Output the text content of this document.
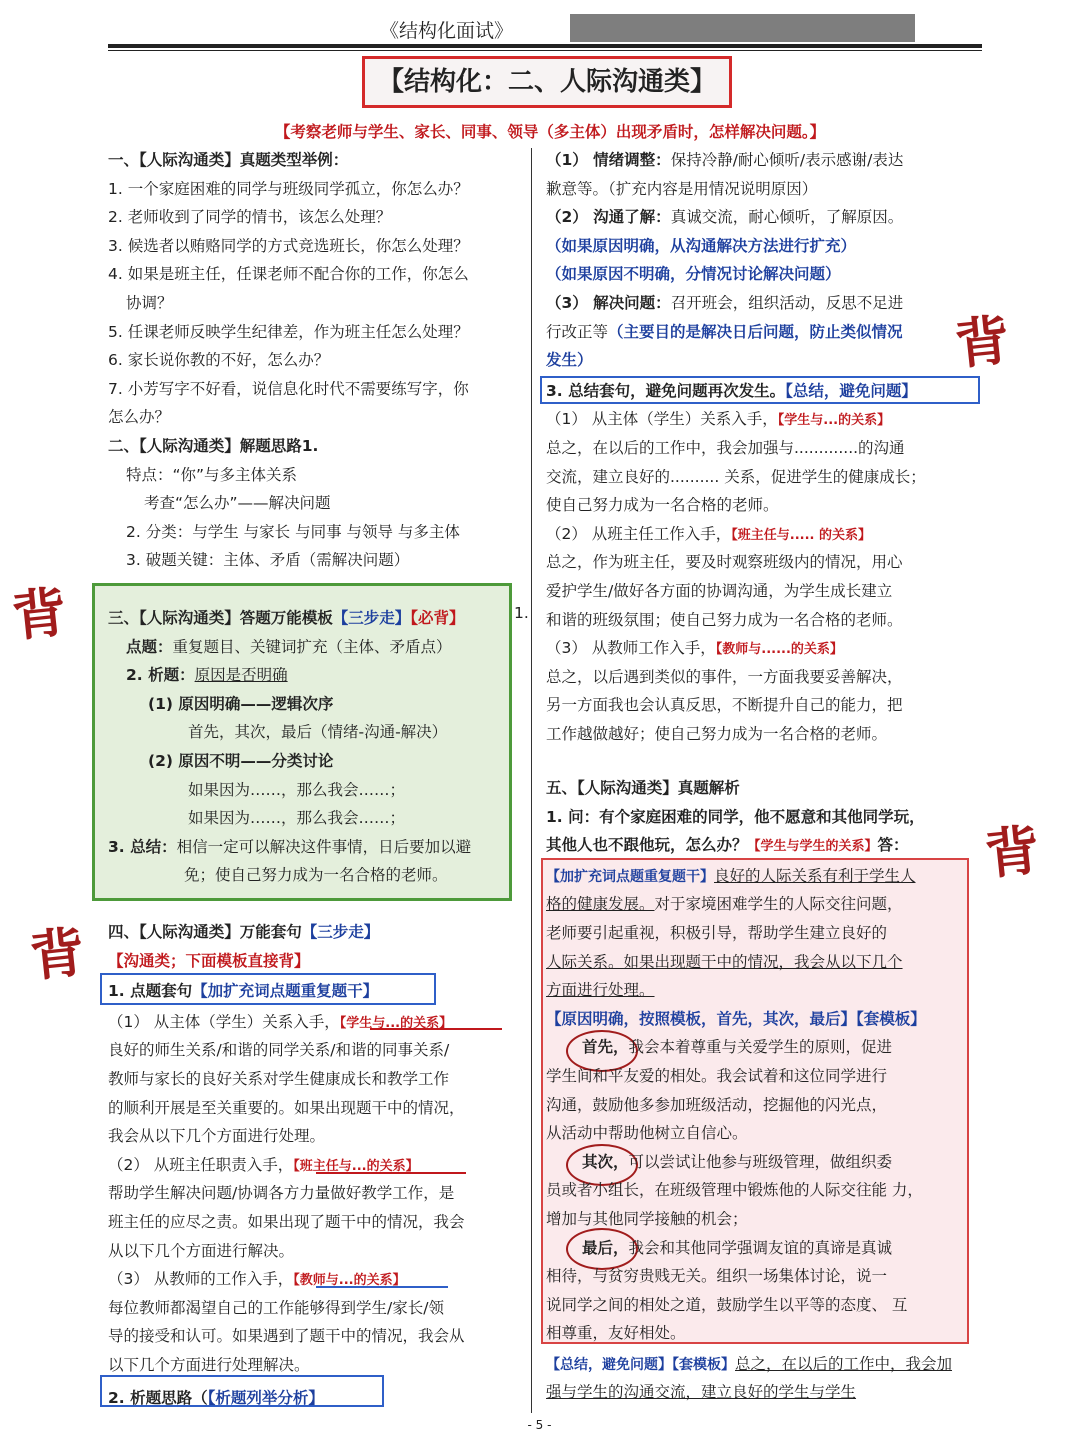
《结构化面试》
【结构化：二、人际沟通类】
【考察老师与学生、家长、同事、领导（多主体）出现矛盾时，怎样解决问题。】
背
背
背
背
一、【人际沟通类】真题类型举例：
1. 一个家庭困难的同学与班级同学孤立，你怎么办？
2. 老师收到了同学的情书，该怎么处理？
3. 候选者以贿赂同学的方式竞选班长，你怎么处理？
4. 如果是班主任，任课老师不配合你的工作，你怎么
协调？
5. 任课老师反映学生纪律差，作为班主任怎么处理？
6. 家长说你教的不好，怎么办？
7. 小芳写字不好看，说信息化时代不需要练写字，你
怎么办？
二、【人际沟通类】解题思路1.
特点：“你”与多主体关系
考查“怎么办”——解决问题
2. 分类：与学生 与家长 与同事 与领导 与多主体
3. 破题关键：主体、矛盾（需解决问题）
三、【人际沟通类】答题万能模板【三步走】【必背】
点题：重复题目、关键词扩充（主体、矛盾点）
2. 析题：原因是否明确
(1) 原因明确——逻辑次序
首先，其次，最后（情绪-沟通-解决）
(2) 原因不明——分类讨论
如果因为……，那么我会……；
如果因为……，那么我会……；
3. 总结：相信一定可以解决这件事情，日后要加以避
免；使自己努力成为一名合格的老师。
1.
四、【人际沟通类】万能套句【三步走】
【沟通类；下面模板直接背】
1. 点题套句【加扩充词点题重复题干】
（1） 从主体（学生）关系入手，【学生与...的关系】
良好的师生关系/和谐的同学关系/和谐的同事关系/
教师与家长的良好关系对学生健康成长和教学工作
的顺利开展是至关重要的。如果出现题干中的情况，
我会从以下几个方面进行处理。
（2） 从班主任职责入手，【班主任与...的关系】
帮助学生解决问题/协调各方力量做好教学工作，是
班主任的应尽之责。如果出现了题干中的情况，我会
从以下几个方面进行解决。
（3） 从教师的工作入手，【教师与...的关系】
每位教师都渴望自己的工作能够得到学生/家长/领
导的接受和认可。如果遇到了题干中的情况，我会从
以下几个方面进行处理解决。
2. 析题思路（【析题列举分析】
（1） 情绪调整：保持冷静/耐心倾听/表示感谢/表达
歉意等。（扩充内容是用情况说明原因）
（2） 沟通了解：真诚交流，耐心倾听，了解原因。
（如果原因明确，从沟通解决方法进行扩充）
（如果原因不明确，分情况讨论解决问题）
（3） 解决问题：召开班会，组织活动，反思不足进
行改正等（主要目的是解决日后问题，防止类似情况
发生）
3. 总结套句，避免问题再次发生。【总结，避免问题】
（1） 从主体（学生）关系入手，【学生与...的关系】
总之，在以后的工作中，我会加强与.............的沟通
交流，建立良好的.......... 关系，促进学生的健康成长；
使自己努力成为一名合格的老师。
（2） 从班主任工作入手，【班主任与..... 的关系】
总之，作为班主任，要及时观察班级内的情况，用心
爱护学生/做好各方面的协调沟通，为学生成长建立
和谐的班级氛围；使自己努力成为一名合格的老师。
（3） 从教师工作入手，【教师与......的关系】
总之，以后遇到类似的事件，一方面我要妥善解决，
另一方面我也会认真反思，不断提升自己的能力，把
工作越做越好；使自己努力成为一名合格的老师。
五、【人际沟通类】真题解析
1. 问：有个家庭困难的同学，他不愿意和其他同学玩，
其他人也不跟他玩，怎么办？【学生与学生的关系】答：
【加扩充词点题重复题干】良好的人际关系有利于学生人
格的健康发展。对于家境困难学生的人际交往问题，
老师要引起重视，积极引导，帮助学生建立良好的
人际关系。如果出现题干中的情况，我会从以下几个
方面进行处理。
【原因明确，按照模板，首先，其次，最后】【套模板】
首先，我会本着尊重与关爱学生的原则，促进
学生间和平友爱的相处。我会试着和这位同学进行
沟通，鼓励他多参加班级活动，挖掘他的闪光点，
从活动中帮助他树立自信心。
其次，可以尝试让他参与班级管理，做组织委
员或者小组长，在班级管理中锻炼他的人际交往能 力，
增加与其他同学接触的机会；
最后，我会和其他同学强调友谊的真谛是真诚
相待，与贫穷贵贱无关。组织一场集体讨论，说一
说同学之间的相处之道，鼓励学生以平等的态度、 互
相尊重，友好相处。
【总结，避免问题】【套模板】总之，在以后的工作中，我会加
强与学生的沟通交流，建立良好的学生与学生
- 5 -
